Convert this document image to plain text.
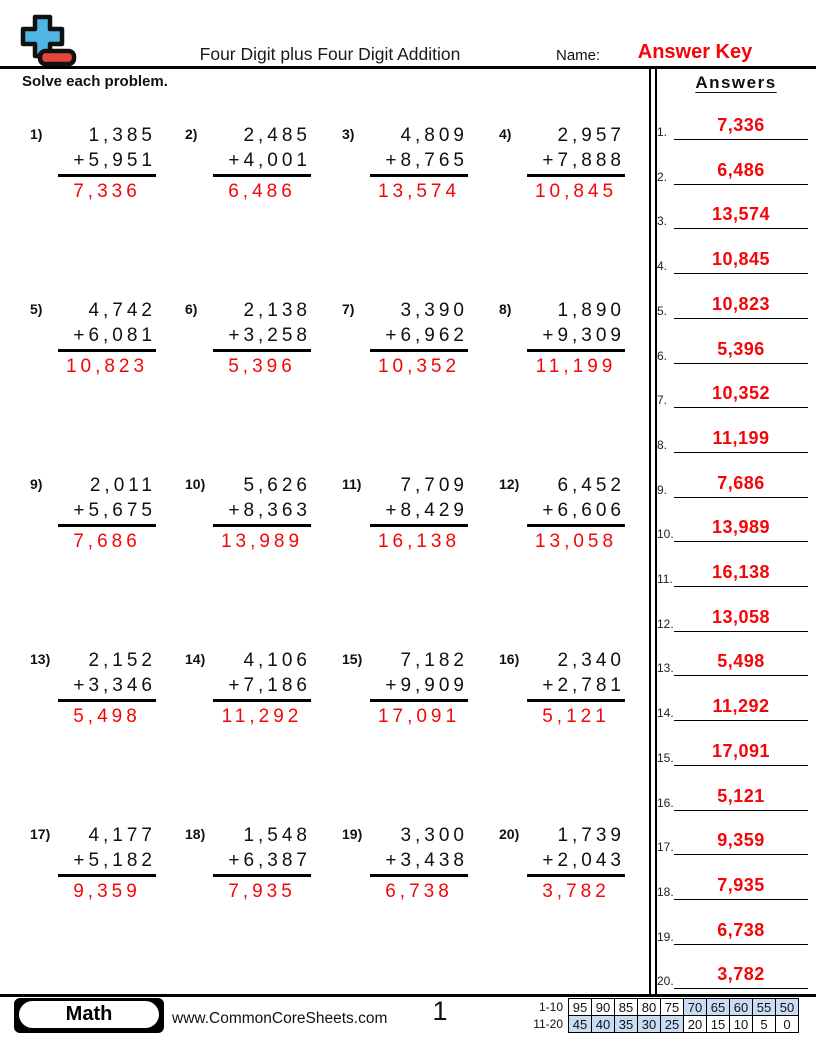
Four Digit plus Four Digit Addition	Name:	Answer Key
Solve each problem.
1)	1,385
+5,951
7,336
2)	2,485
+4,001
6,486
3)	4,809
+8,765
13,574
4)	2,957
+7,888
10,845
5)	4,742
+6,081
10,823
6)	2,138
+3,258
5,396
7)	3,390
+6,962
10,352
8)	1,890
+9,309
11,199
9)	2,011
+5,675
7,686
10)	5,626
+8,363
13,989
11)	7,709
+8,429
16,138
12)	6,452
+6,606
13,058
13)	2,152
+3,346
5,498
14)	4,106
+7,186
11,292
15)	7,182
+9,909
17,091
16)	2,340
+2,781
5,121
17)	4,177
+5,182
9,359
18)	1,548
+6,387
7,935
19)	3,300
+3,438
6,738
20)	1,739
+2,043
3,782
Answers
1.	7,336
2.	6,486
3.	13,574
4.	10,845
5.	10,823
6.	5,396
7.	10,352
8.	11,199
9.	7,686
10.	13,989
11.	16,138
12.	13,058
13.	5,498
14.	11,292
15.	17,091
16.	5,121
17.	9,359
18.	7,935
19.	6,738
20.	3,782
Math	www.CommonCoreSheets.com	1	1-10	95	90	85	80	75	70	65	60	55	50
11-20	45	40	35	30	25	20	15	10	5	0
